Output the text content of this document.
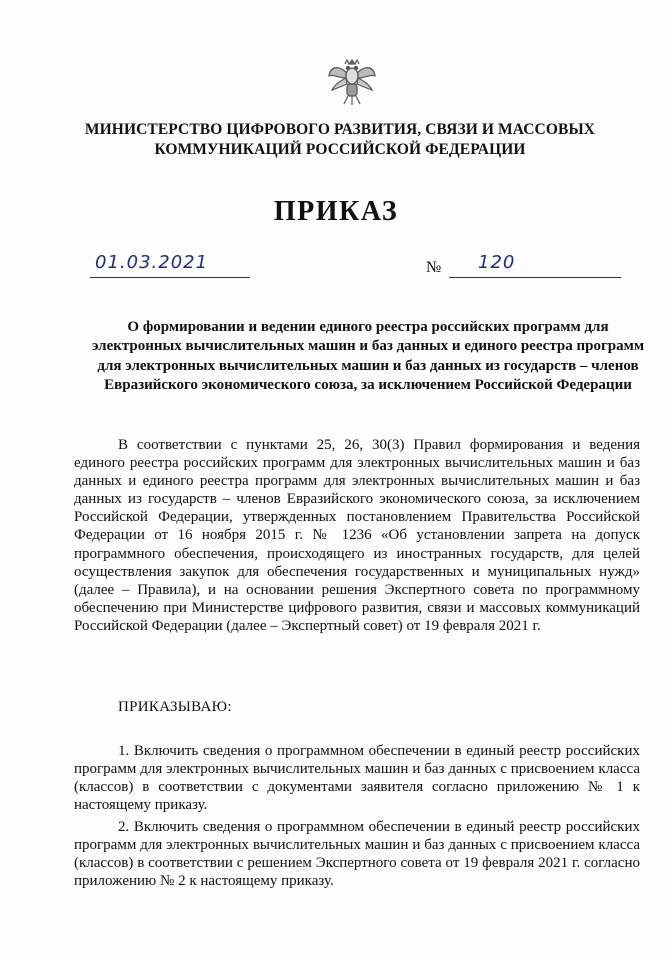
МИНИСТЕРСТВО ЦИФРОВОГО РАЗВИТИЯ, СВЯЗИ И МАССОВЫХ КОММУНИКАЦИЙ РОССИЙСКОЙ ФЕДЕРАЦИИ
ПРИКАЗ
01.03.2021	№ 120
О формировании и ведении единого реестра российских программ для электронных вычислительных машин и баз данных и единого реестра программ для электронных вычислительных машин и баз данных из государств – членов Евразийского экономического союза, за исключением Российской Федерации

В соответствии с пунктами 25, 26, 30(3) Правил формирования и ведения единого реестра российских программ для электронных вычислительных машин и баз данных и единого реестра программ для электронных вычислительных машин и баз данных из государств – членов Евразийского экономического союза, за исключением Российской Федерации, утвержденных постановлением Правительства Российской Федерации от 16 ноября 2015 г. № 1236 «Об установлении запрета на допуск программного обеспечения, происходящего из иностранных государств, для целей осуществления закупок для обеспечения государственных и муниципальных нужд» (далее – Правила), и на основании решения Экспертного совета по программному обеспечению при Министерстве цифрового развития, связи и массовых коммуникаций Российской Федерации (далее – Экспертный совет) от 19 февраля 2021 г.

ПРИКАЗЫВАЮ:

1. Включить сведения о программном обеспечении в единый реестр российских программ для электронных вычислительных машин и баз данных с присвоением класса (классов) в соответствии с документами заявителя согласно приложению № 1 к настоящему приказу.

2. Включить сведения о программном обеспечении в единый реестр российских программ для электронных вычислительных машин и баз данных с присвоением класса (классов) в соответствии с решением Экспертного совета от 19 февраля 2021 г. согласно приложению № 2 к настоящему приказу.
